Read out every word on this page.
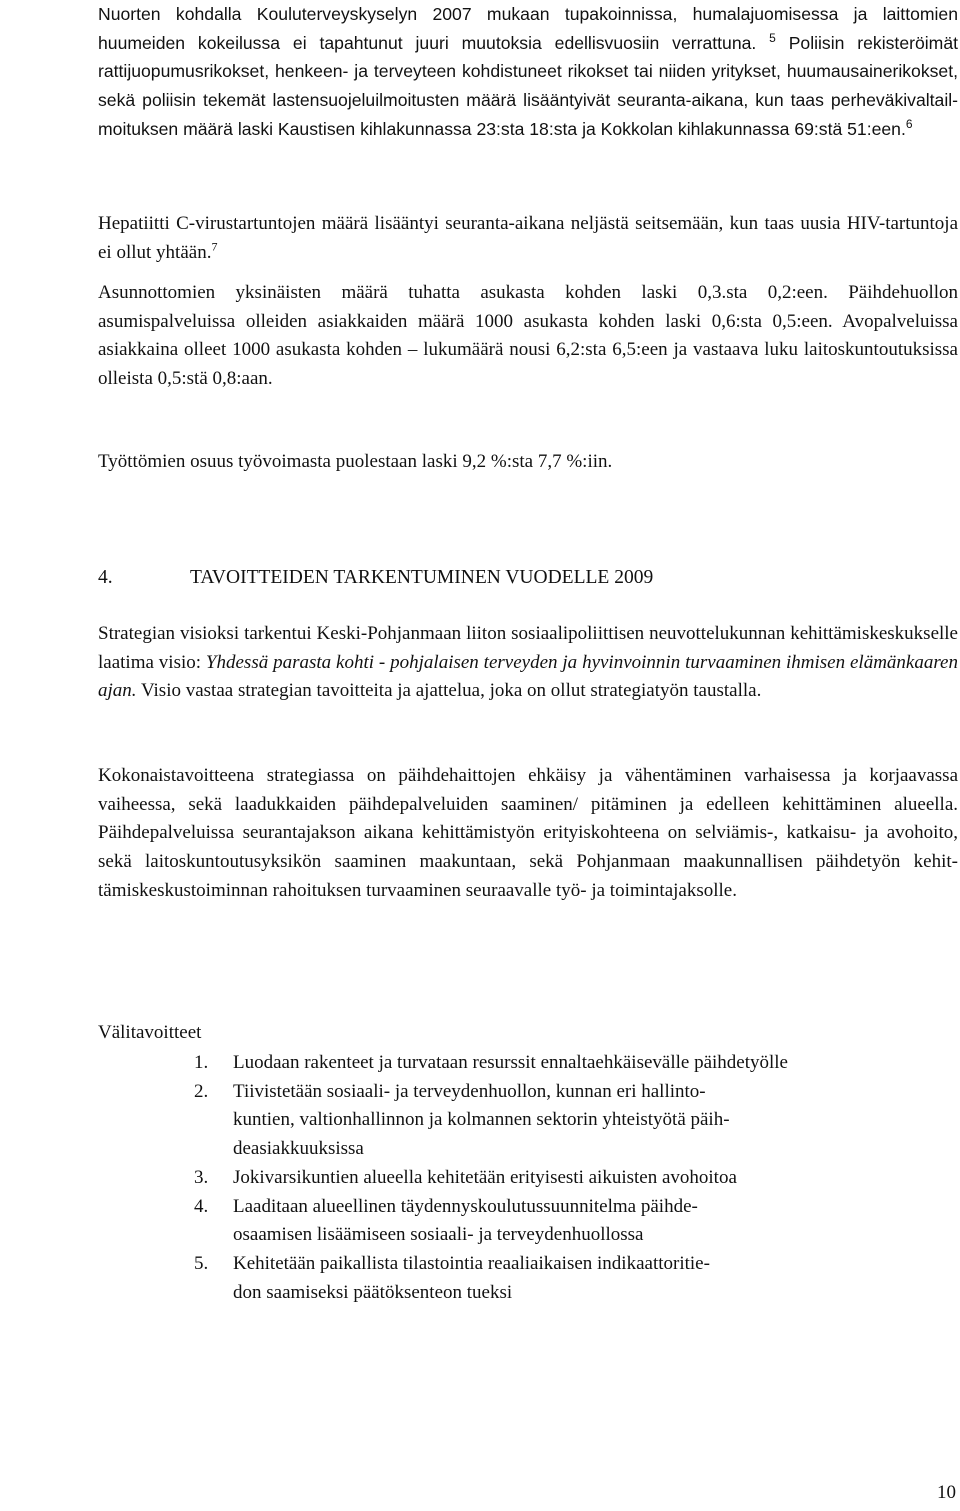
Nuorten kohdalla Kouluterveyskyselyn 2007 mukaan tupakoinnissa, humalajuomisessa ja laittomien huumeiden kokeilussa ei tapahtunut juuri muutoksia edellisvuosiin verrattuna. $^5$ Poliisin rekisteröimät rattijuopumusrikokset, henkeen- ja terveyteen kohdistuneet rikokset tai niiden yritykset, huumausainerikokset, sekä poliisin tekemät lastensuojeluilmoitusten määrä lisääntyivät seuranta-aikana, kun taas perheväkivaltailmoituksen määrä laski Kaustisen kihlakunnassa 23:sta 18:sta ja Kokkolan kihlakunnassa 69:stä 51:een.$^6$

Hepatiitti C-virustartuntojen määrä lisääntyi seuranta-aikana neljästä seitsemään, kun taas uusia HIV-tartuntoja ei ollut yhtään.$^7$

Asunnottomien yksinäisten määrä tuhatta asukasta kohden laski 0,3.sta 0,2:een. Päihdehuollon asumispalveluissa olleiden asiakkaiden määrä 1000 asukasta kohden laski 0,6:sta 0,5:een. Avopalveluissa asiakkaina olleet 1000 asukasta kohden – lukumäärä nousi 6,2:sta 6,5:een ja vastaava luku laitoskuntoutuksissa olleista 0,5:stä 0,8:aan.

Työttömien osuus työvoimasta puolestaan laski 9,2 %:sta 7,7 %:iin.

4.	TAVOITTEIDEN TARKENTUMINEN VUODELLE 2009

Strategian visioksi tarkentui Keski-Pohjanmaan liiton sosiaalipoliittisen neuvottelukunnan kehittämiskeskukselle laatima visio: Yhdessä parasta kohti - pohjalaisen terveyden ja hyvinvoinnin turvaaminen ihmisen elämänkaaren ajan. Visio vastaa strategian tavoitteita ja ajattelua, joka on ollut strategiatyön taustalla.

Kokonaistavoitteena strategiassa on päihdehaittojen ehkäisy ja vähentäminen varhaisessa ja korjaavassa vaiheessa, sekä laadukkaiden päihdepalveluiden saaminen/ pitäminen ja edelleen kehittäminen alueella. Päihdepalveluissa seurantajakson aikana kehittämistyön erityiskohteena on selviämis-, katkaisu- ja avohoito, sekä laitoskuntoutusyksikön saaminen maakuntaan, sekä Pohjanmaan maakunnallisen päihdetyön kehittämiskeskustoiminnan rahoituksen turvaaminen seuraavalle työ- ja toimintajaksolle.

Välitavoitteet

1.	Luodaan rakenteet ja turvataan resurssit ennaltaehkäisevälle päihdetyölle
2.	Tiivistetään sosiaali- ja terveydenhuollon, kunnan eri hallinto-
kuntien, valtionhallinnon ja kolmannen sektorin yhteistyötä päih-
deasiakkuuksissa
3.	Jokivarsikuntien alueella kehitetään erityisesti aikuisten avohoitoa
4.	Laaditaan alueellinen täydennyskoulutussuunnitelma päihde-
osaamisen lisäämiseen sosiaali- ja terveydenhuollossa
5.	Kehitetään paikallista tilastointia reaaliaikaisen indikaattoritie-
don saamiseksi päätöksenteon tueksi

10
